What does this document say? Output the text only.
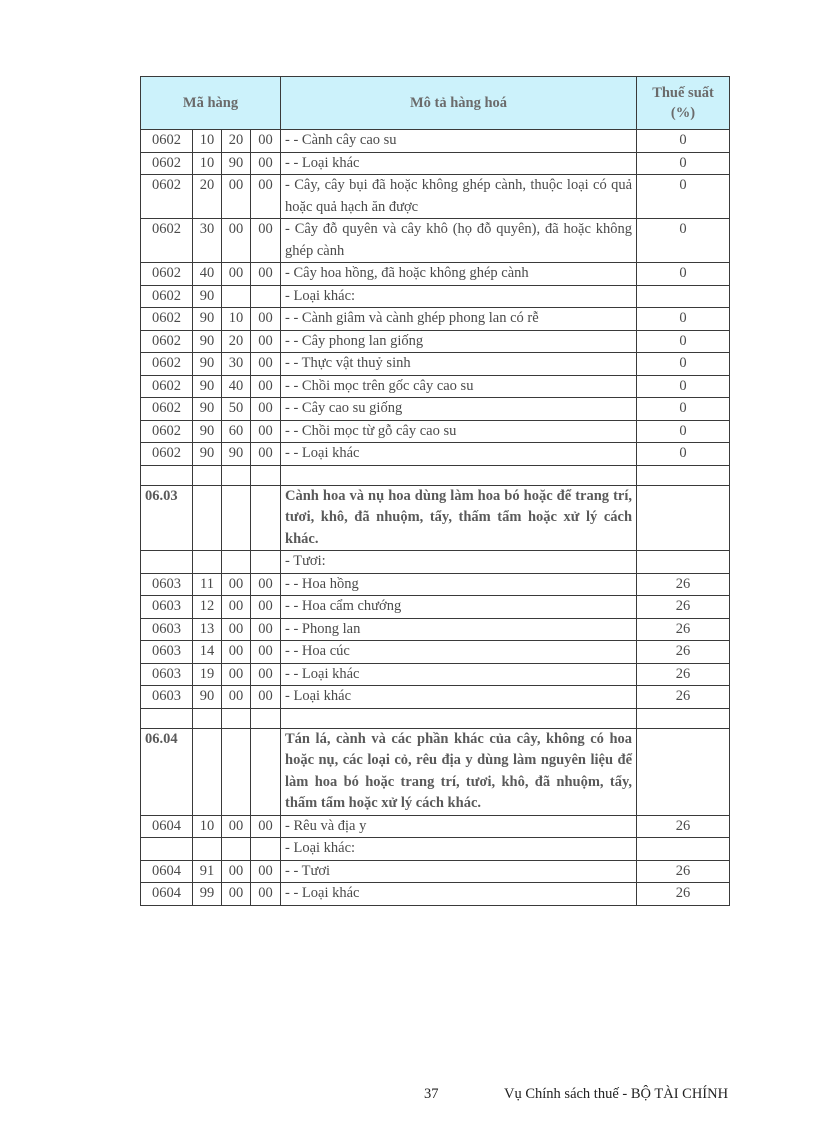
Mã hàng				Mô tả hàng hoá	Thuế suất
(%)
0602	10	20	00	- - Cành cây cao su	0
0602	10	90	00	- - Loại khác	0
0602	20	00	00	- Cây, cây bụi đã hoặc không ghép cành, thuộc loại có quả hoặc quả hạch ăn được	0
0602	30	00	00	- Cây đỗ quyên và cây khô (họ đỗ quyên), đã hoặc không ghép cành	0
0602	40	00	00	- Cây hoa hồng, đã hoặc không ghép cành	0
0602	90			- Loại khác:	
0602	90	10	00	- - Cành giâm và cành ghép phong lan có rễ	0
0602	90	20	00	- - Cây phong lan giống	0
0602	90	30	00	- - Thực vật thuỷ sinh	0
0602	90	40	00	- - Chồi mọc trên gốc cây cao su	0
0602	90	50	00	- - Cây cao su giống	0
0602	90	60	00	- - Chồi mọc từ gỗ cây cao su	0
0602	90	90	00	- - Loại khác	0

06.03				Cành hoa và nụ hoa dùng làm hoa bó hoặc để trang trí, tươi, khô, đã nhuộm, tẩy, thấm tẩm hoặc xử lý cách khác.	
				- Tươi:	
0603	11	00	00	- - Hoa hồng	26
0603	12	00	00	- - Hoa cẩm chướng	26
0603	13	00	00	- - Phong lan	26
0603	14	00	00	- - Hoa cúc	26
0603	19	00	00	- - Loại khác	26
0603	90	00	00	- Loại khác	26

06.04				Tán lá, cành và các phần khác của cây, không có hoa hoặc nụ, các loại cỏ, rêu địa y dùng làm nguyên liệu để làm hoa bó hoặc trang trí, tươi, khô, đã nhuộm, tẩy, thấm tẩm hoặc xử lý cách khác.	
0604	10	00	00	- Rêu và địa y	26
				- Loại khác:	
0604	91	00	00	- - Tươi	26
0604	99	00	00	- - Loại khác	26
37	Vụ Chính sách thuế - BỘ TÀI CHÍNH
